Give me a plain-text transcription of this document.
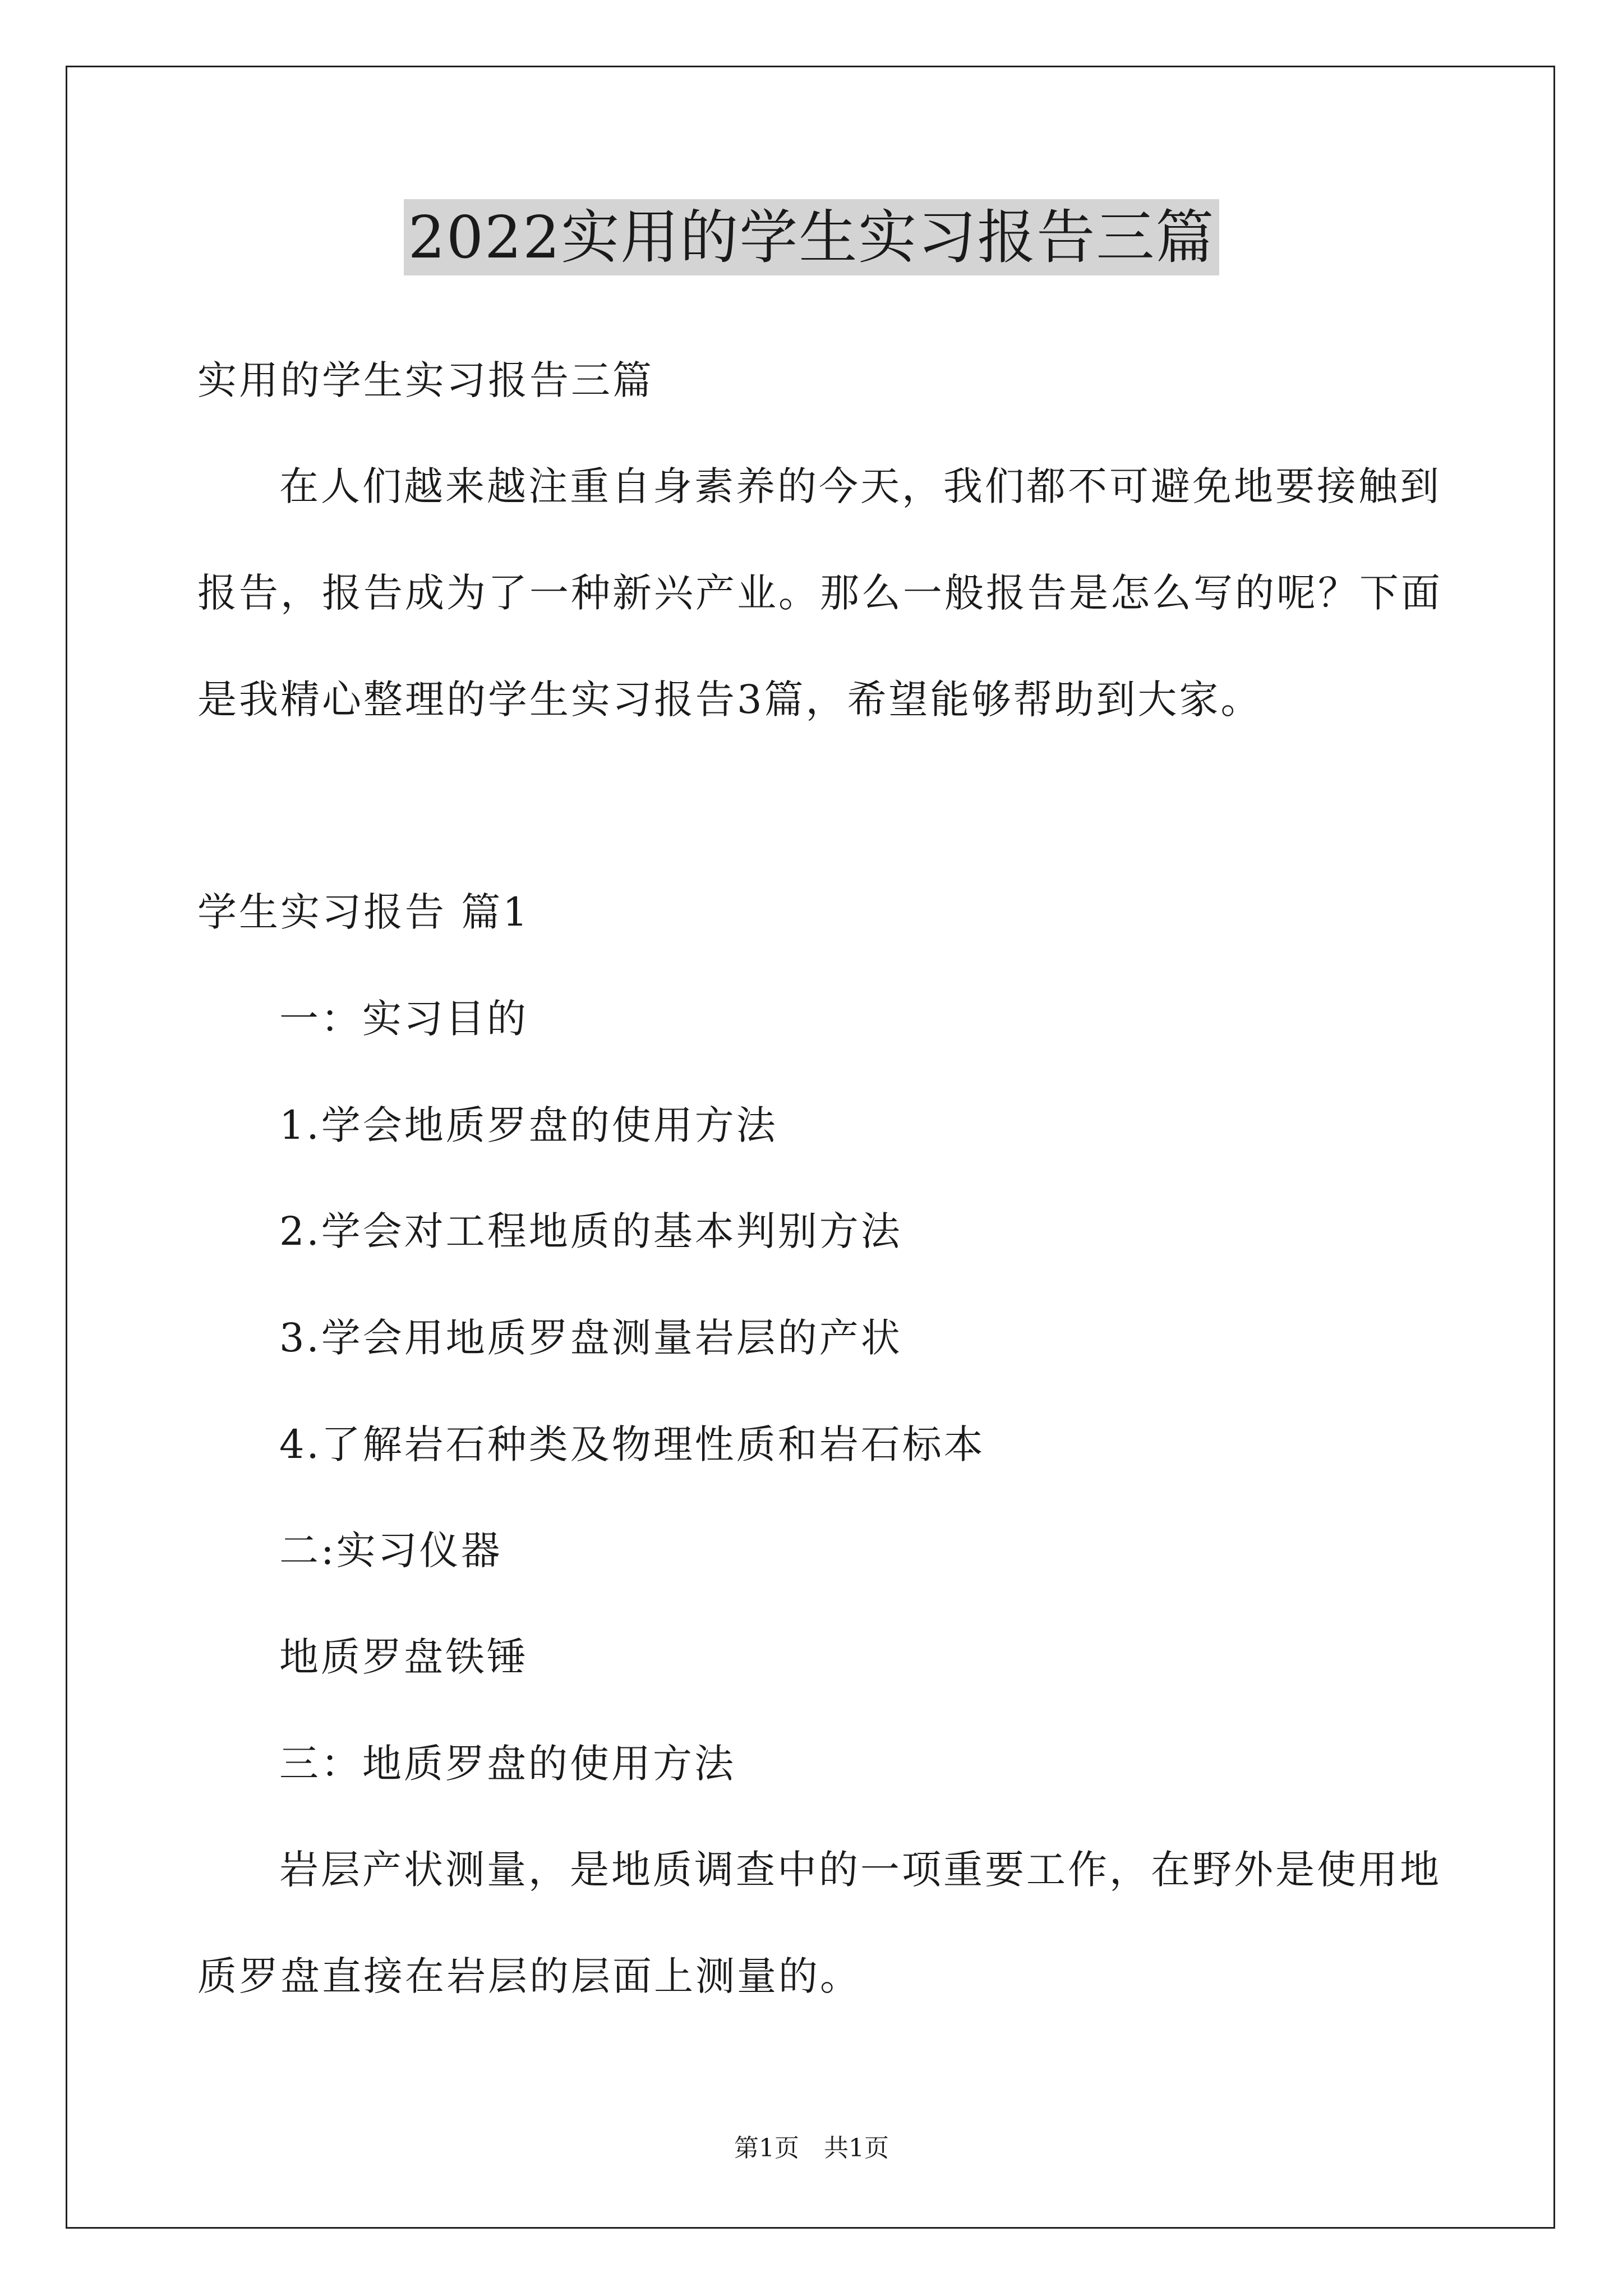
2022实用的学生实习报告三篇
实用的学生实习报告三篇
在人们越来越注重自身素养的今天，我们都不可避免地要接触到
报告，报告成为了一种新兴产业。那么一般报告是怎么写的呢？下面
是我精心整理的学生实习报告3篇，希望能够帮助到大家。
学生实习报告 篇1
一：实习目的
1.学会地质罗盘的使用方法
2.学会对工程地质的基本判别方法
3.学会用地质罗盘测量岩层的产状
4.了解岩石种类及物理性质和岩石标本
二:实习仪器
地质罗盘铁锤
三：地质罗盘的使用方法
岩层产状测量，是地质调查中的一项重要工作，在野外是使用地
质罗盘直接在岩层的层面上测量的。
第1页　共1页
